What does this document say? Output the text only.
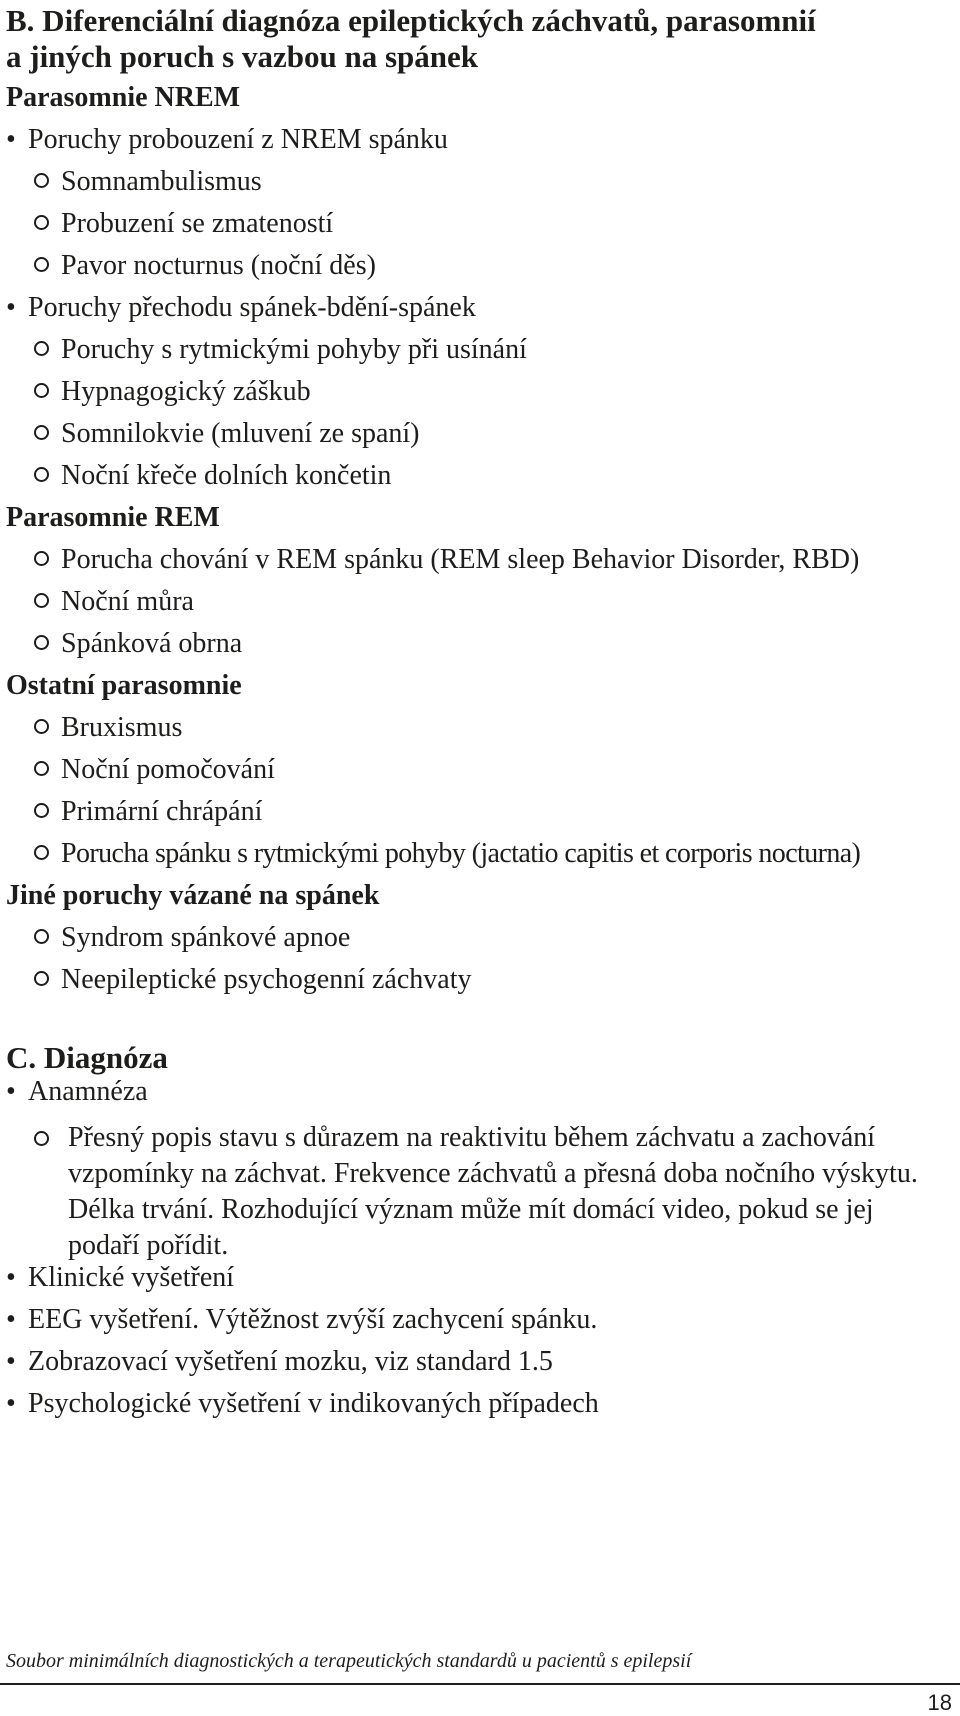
B. Diferenciální diagnóza epileptických záchvatů, parasomnií
a jiných poruch s vazbou na spánek
Parasomnie NREM
• Poruchy probouzení z NREM spánku
Somnambulismus
Probuzení se zmateností
Pavor nocturnus (noční děs)
• Poruchy přechodu spánek-bdění-spánek
Poruchy s rytmickými pohyby při usínání
Hypnagogický záškub
Somnilokvie (mluvení ze spaní)
Noční křeče dolních končetin
Parasomnie REM
Porucha chování v REM spánku (REM sleep Behavior Disorder, RBD)
Noční můra
Spánková obrna
Ostatní parasomnie
Bruxismus
Noční pomočování
Primární chrápání
Porucha spánku s rytmickými pohyby (jactatio capitis et corporis nocturna)
Jiné poruchy vázané na spánek
Syndrom spánkové apnoe
Neepileptické psychogenní záchvaty
C. Diagnóza
• Anamnéza
Přesný popis stavu s důrazem na reaktivitu během záchvatu a zachování
vzpomínky na záchvat. Frekvence záchvatů a přesná doba nočního výskytu.
Délka trvání. Rozhodující význam může mít domácí video, pokud se jej
podaří pořídit.
• Klinické vyšetření
• EEG vyšetření. Výtěžnost zvýší zachycení spánku.
• Zobrazovací vyšetření mozku, viz standard 1.5
• Psychologické vyšetření v indikovaných případech
Soubor minimálních diagnostických a terapeutických standardů u pacientů s epilepsií
18
